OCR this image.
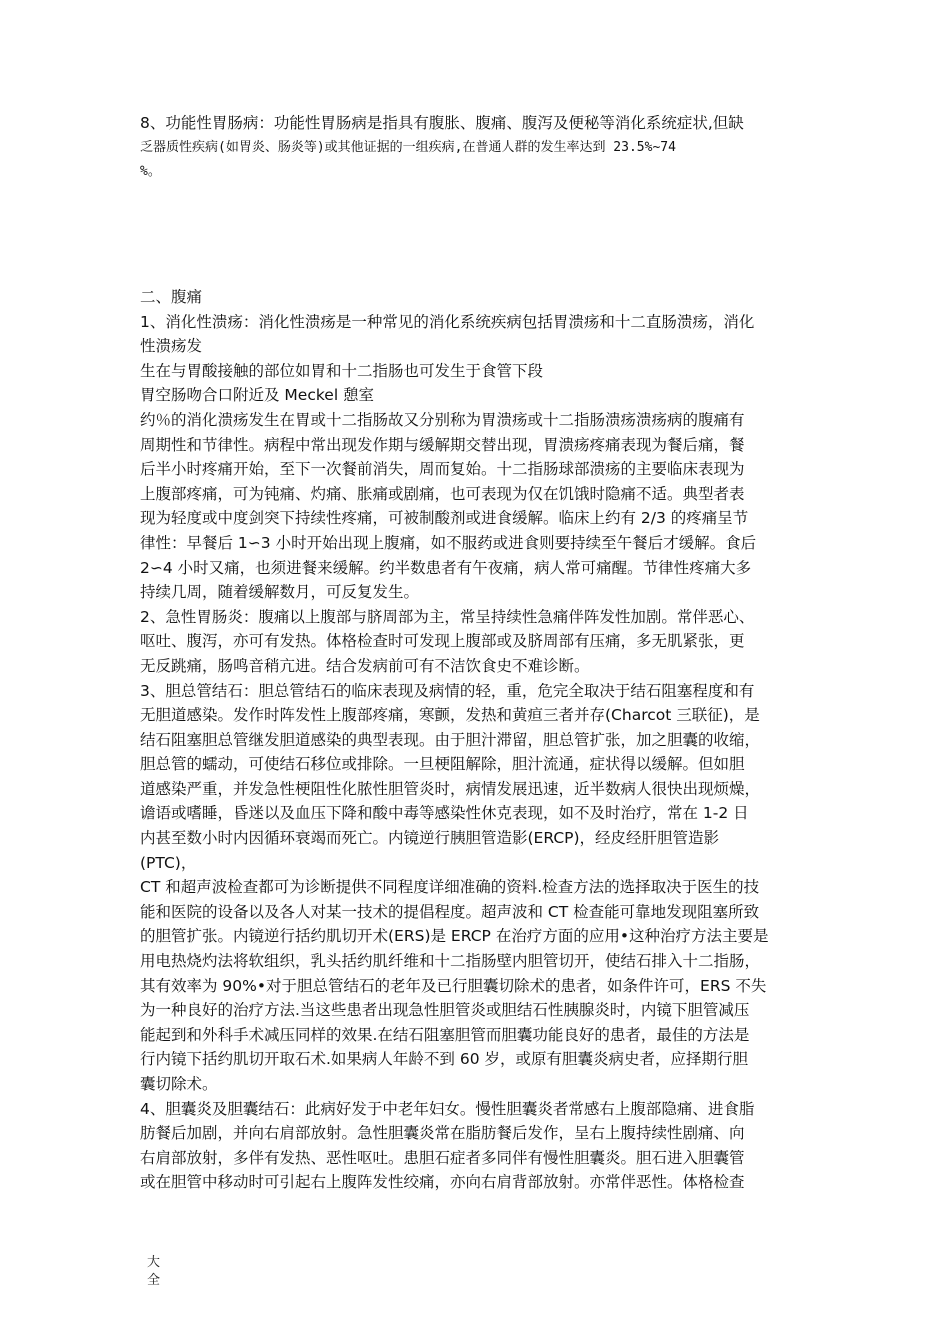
8、功能性胃肠病：功能性胃肠病是指具有腹胀、腹痛、腹泻及便秘等消化系统症状,但缺
乏器质性疾病(如胃炎、肠炎等)或其他证据的一组疾病,在普通人群的发生率达到 23.5%~74
%。
二、腹痛
1、消化性溃疡：消化性溃疡是一种常见的消化系统疾病包括胃溃疡和十二直肠溃疡，消化
性溃疡发
生在与胃酸接触的部位如胃和十二指肠也可发生于食管下段
胃空肠吻合口附近及 Meckel 憩室
约％的消化溃疡发生在胃或十二指肠故又分别称为胃溃疡或十二指肠溃疡溃疡病的腹痛有
周期性和节律性。病程中常出现发作期与缓解期交替出现，胃溃疡疼痛表现为餐后痛，餐
后半小时疼痛开始，至下一次餐前消失，周而复始。十二指肠球部溃疡的主要临床表现为
上腹部疼痛，可为钝痛、灼痛、胀痛或剧痛，也可表现为仅在饥饿时隐痛不适。典型者表
现为轻度或中度剑突下持续性疼痛，可被制酸剂或进食缓解。临床上约有 2/3 的疼痛呈节
律性：早餐后 1∽3 小时开始出现上腹痛，如不服药或进食则要持续至午餐后才缓解。食后
2∽4 小时又痛，也须进餐来缓解。约半数患者有午夜痛，病人常可痛醒。节律性疼痛大多
持续几周，随着缓解数月，可反复发生。
2、急性胃肠炎：腹痛以上腹部与脐周部为主，常呈持续性急痛伴阵发性加剧。常伴恶心、
呕吐、腹泻，亦可有发热。体格检查时可发现上腹部或及脐周部有压痛，多无肌紧张，更
无反跳痛，肠鸣音稍亢进。结合发病前可有不洁饮食史不难诊断。
3、胆总管结石：胆总管结石的临床表现及病情的轻，重，危完全取决于结石阻塞程度和有
无胆道感染。发作时阵发性上腹部疼痛，寒颤，发热和黄疸三者并存(Charcot 三联征)，是
结石阻塞胆总管继发胆道感染的典型表现。由于胆汁滞留，胆总管扩张，加之胆囊的收缩，
胆总管的蠕动，可使结石移位或排除。一旦梗阻解除，胆汁流通，症状得以缓解。但如胆
道感染严重，并发急性梗阻性化脓性胆管炎时，病情发展迅速，近半数病人很快出现烦燥，
谵语或嗜睡，昏迷以及血压下降和酸中毒等感染性休克表现，如不及时治疗，常在 1-2 日
内甚至数小时内因循环衰竭而死亡。内镜逆行胰胆管造影(ERCP)，经皮经肝胆管造影
(PTC)，
CT 和超声波检查都可为诊断提供不同程度详细准确的资料.检查方法的选择取决于医生的技
能和医院的设备以及各人对某一技术的提倡程度。超声波和 CT 检查能可靠地发现阻塞所致
的胆管扩张。内镜逆行括约肌切开术(ERS)是 ERCP 在治疗方面的应用•这种治疗方法主要是
用电热烧灼法将软组织，乳头括约肌纤维和十二指肠壁内胆管切开，使结石排入十二指肠，
其有效率为 90%•对于胆总管结石的老年及已行胆囊切除术的患者，如条件许可，ERS 不失
为一种良好的治疗方法.当这些患者出现急性胆管炎或胆结石性胰腺炎时，内镜下胆管减压
能起到和外科手术减压同样的效果.在结石阻塞胆管而胆囊功能良好的患者，最佳的方法是
行内镜下括约肌切开取石术.如果病人年龄不到 60 岁，或原有胆囊炎病史者，应择期行胆
囊切除术。
4、胆囊炎及胆囊结石：此病好发于中老年妇女。慢性胆囊炎者常感右上腹部隐痛、进食脂
肪餐后加剧，并向右肩部放射。急性胆囊炎常在脂肪餐后发作，呈右上腹持续性剧痛、向
右肩部放射，多伴有发热、恶性呕吐。患胆石症者多同伴有慢性胆囊炎。胆石进入胆囊管
或在胆管中移动时可引起右上腹阵发性绞痛，亦向右肩背部放射。亦常伴恶性。体格检查
大
全
